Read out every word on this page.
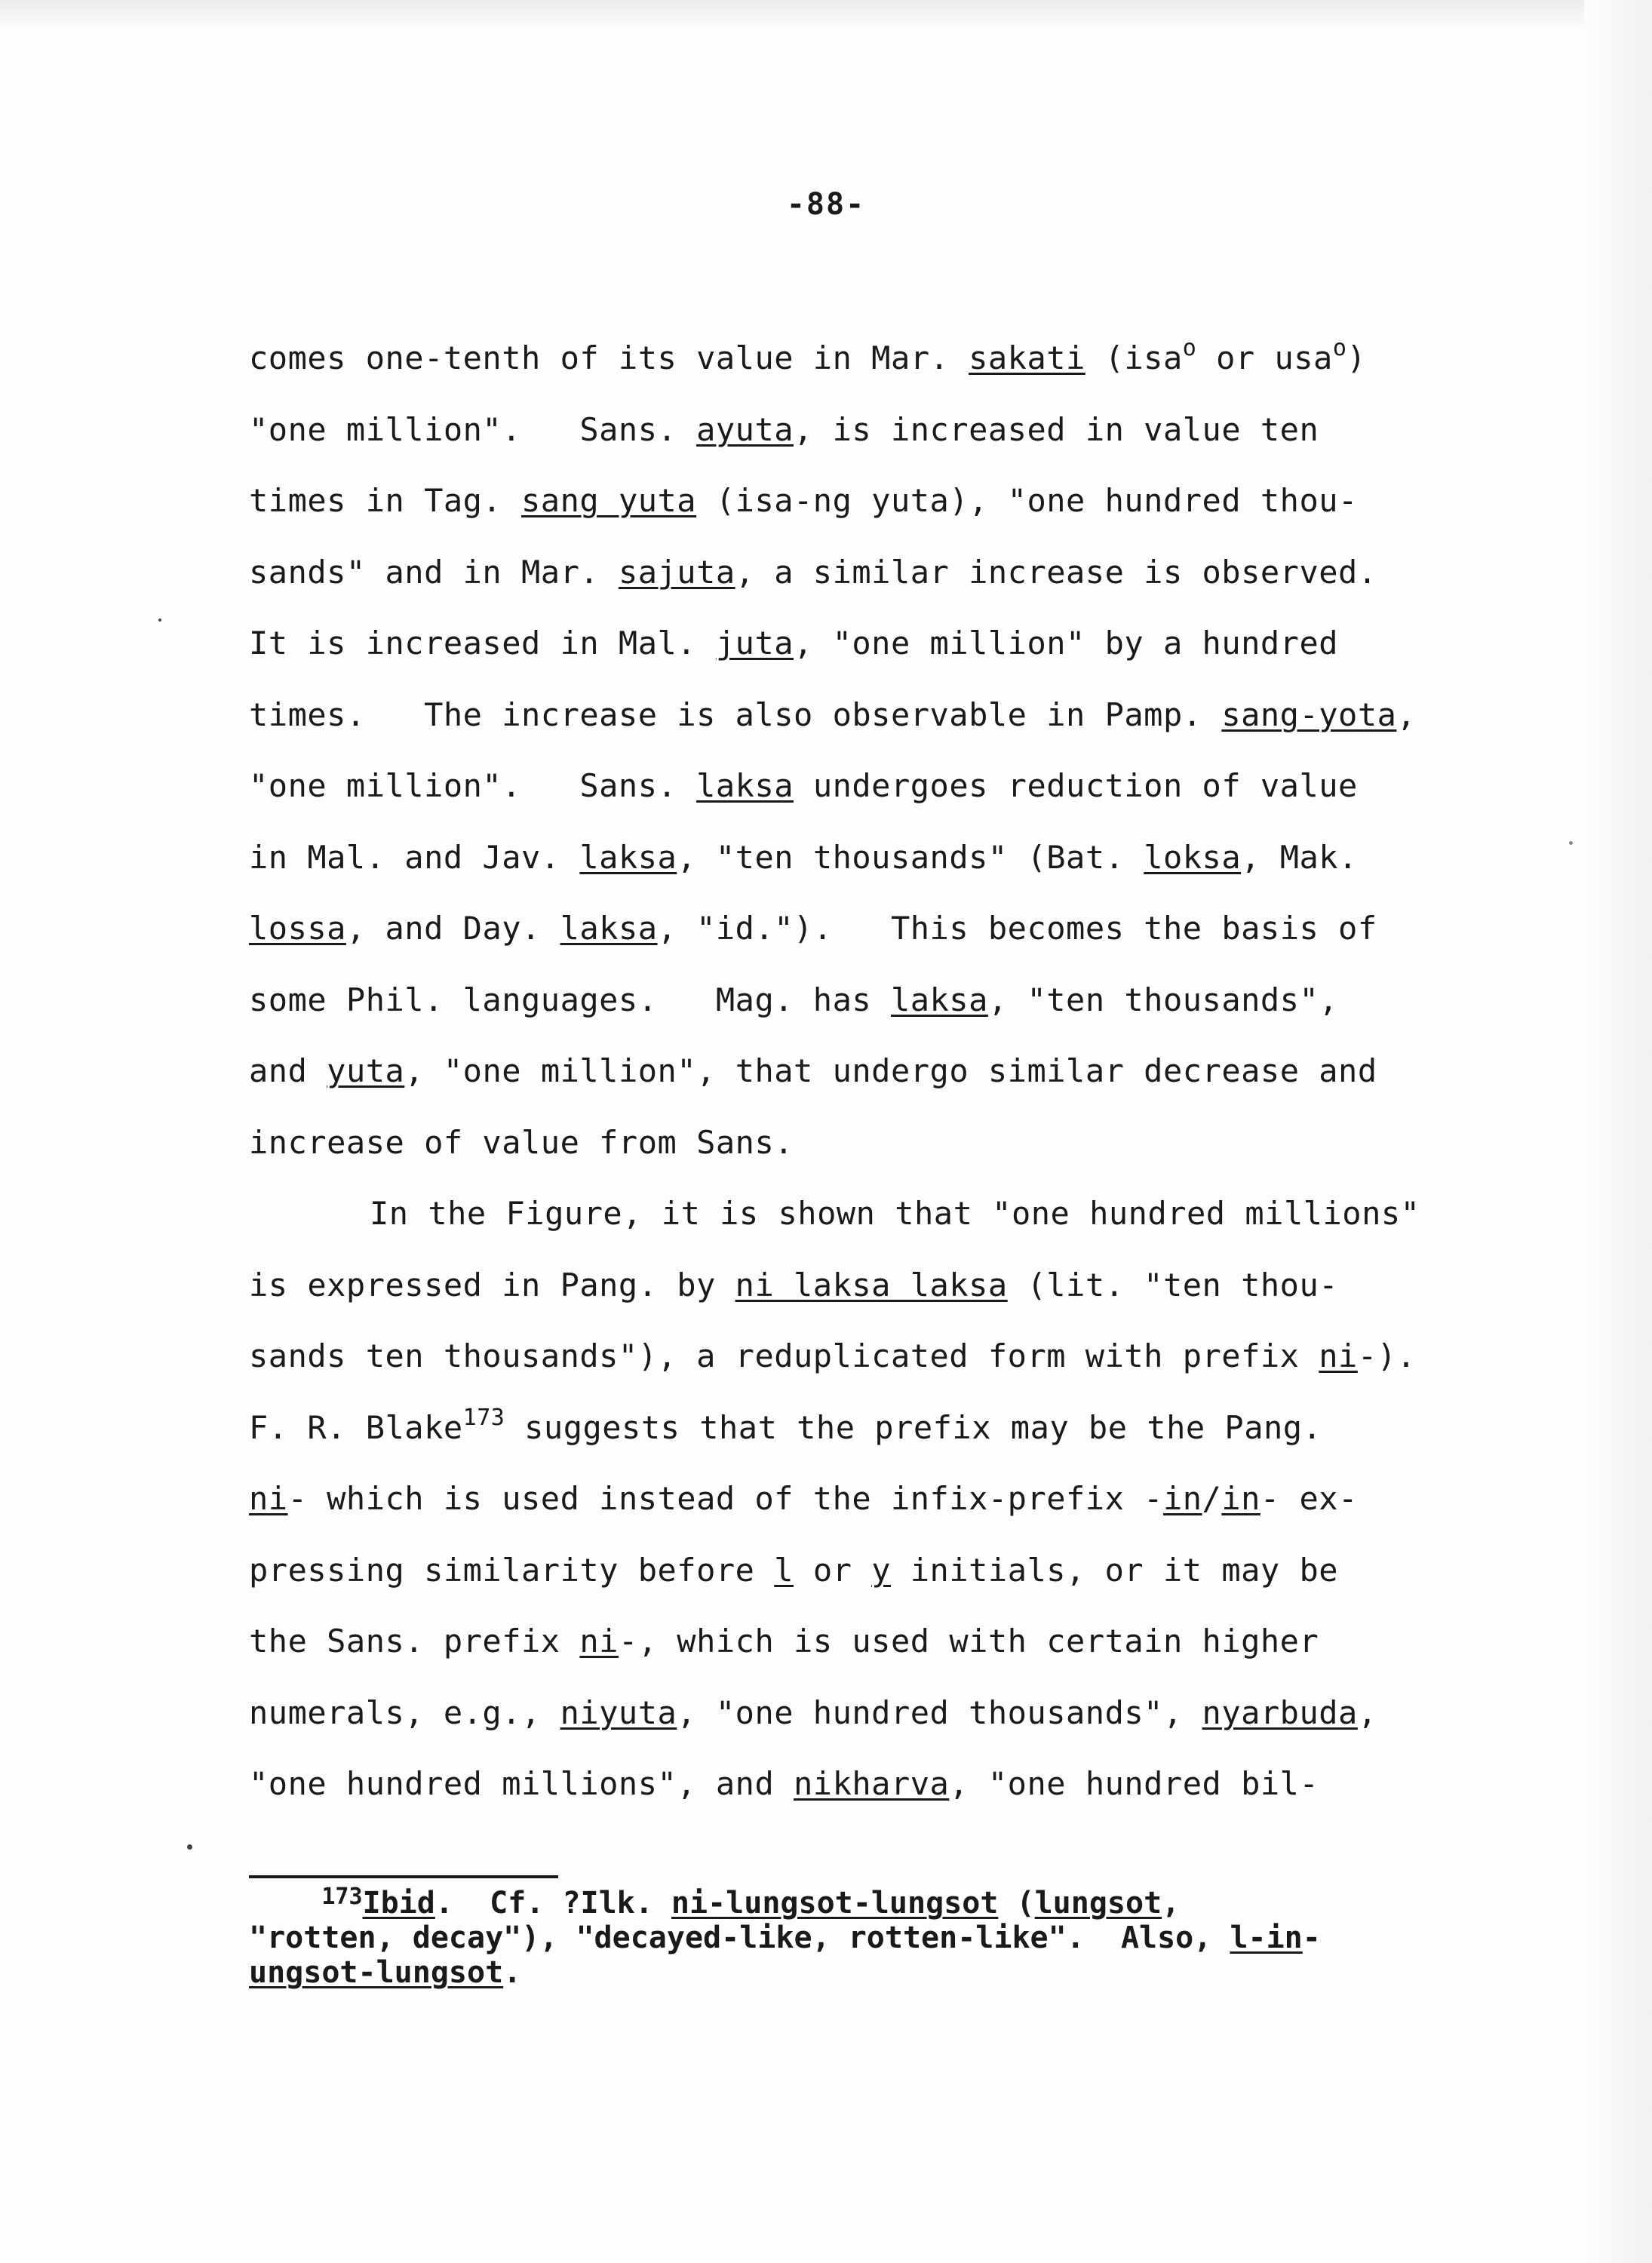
-88-
comes one-tenth of its value in Mar. sakati (isa$^o$ or usa$^o$)
"one million".   Sans. ayuta, is increased in value ten
times in Tag. sang yuta (isa-ng yuta), "one hundred thou-
sands" and in Mar. sajuta, a similar increase is observed.
It is increased in Mal. juta, "one million" by a hundred
times.   The increase is also observable in Pamp. sang-yota,
"one million".   Sans. laksa undergoes reduction of value
in Mal. and Jav. laksa, "ten thousands" (Bat. loksa, Mak.
lossa, and Day. laksa, "id.").   This becomes the basis of
some Phil. languages.   Mag. has laksa, "ten thousands",
and yuta, "one million", that undergo similar decrease and
increase of value from Sans.
In the Figure, it is shown that "one hundred millions"
is expressed in Pang. by ni laksa laksa (lit. "ten thou-
sands ten thousands"), a reduplicated form with prefix ni-).
F. R. Blake$^{173}$ suggests that the prefix may be the Pang.
ni- which is used instead of the infix-prefix -in/in- ex-
pressing similarity before l or y initials, or it may be
the Sans. prefix ni-, which is used with certain higher
numerals, e.g., niyuta, "one hundred thousands", nyarbuda,
"one hundred millions", and nikharva, "one hundred bil-
$^{173}$Ibid.  Cf. ?Ilk. ni-lungsot-lungsot (lungsot,
"rotten, decay"), "decayed-like, rotten-like".  Also, l-in-
ungsot-lungsot.
